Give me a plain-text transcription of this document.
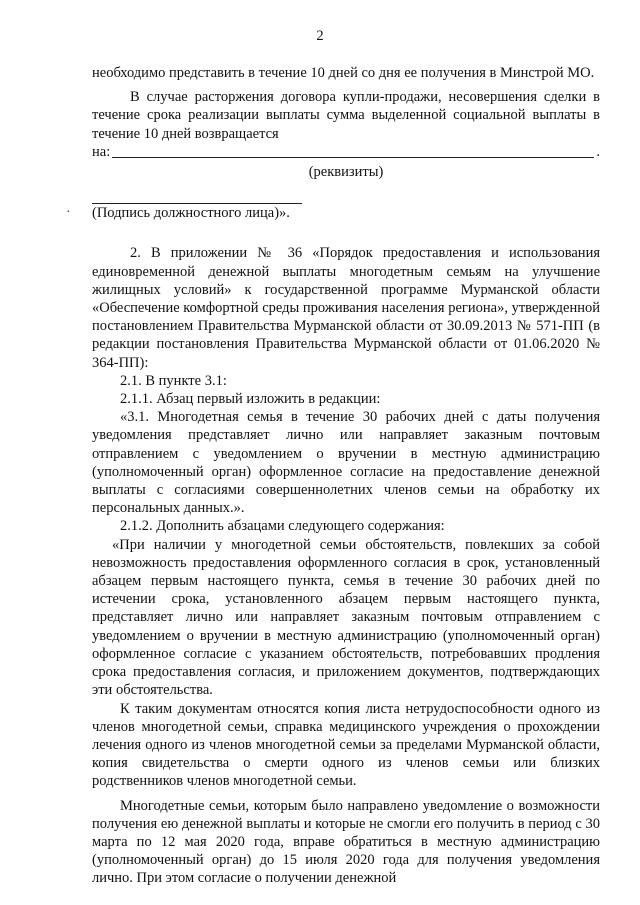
2
·

необходимо представить в течение 10 дней со дня ее получения в Минстрой МО.

В случае расторжения договора купли-продажи, несовершения сделки в течение срока реализации выплаты сумма выделенной социальной выплаты в течение 10 дней возвращается

на:	.

(реквизиты)

(Подпись должностного лица)».

2. В приложении № 36 «Порядок предоставления и использования единовременной денежной выплаты многодетным семьям на улучшение жилищных условий» к государственной программе Мурманской области «Обеспечение комфортной среды проживания населения региона», утвержденной постановлением Правительства Мурманской области от 30.09.2013 № 571-ПП (в редакции постановления Правительства Мурманской области от 01.06.2020 № 364-ПП):

2.1. В пункте 3.1:

2.1.1. Абзац первый изложить в редакции:

«3.1. Многодетная семья в течение 30 рабочих дней с даты получения уведомления представляет лично или направляет заказным почтовым отправлением с уведомлением о вручении в местную администрацию (уполномоченный орган) оформленное согласие на предоставление денежной выплаты с согласиями совершеннолетних членов семьи на обработку их персональных данных.».

2.1.2. Дополнить абзацами следующего содержания:

«При наличии у многодетной семьи обстоятельств, повлекших за собой невозможность предоставления оформленного согласия в срок, установленный абзацем первым настоящего пункта, семья в течение 30 рабочих дней по истечении срока, установленного абзацем первым настоящего пункта, представляет лично или направляет заказным почтовым отправлением с уведомлением о вручении в местную администрацию (уполномоченный орган) оформленное согласие с указанием обстоятельств, потребовавших продления срока предоставления согласия, и приложением документов, подтверждающих эти обстоятельства.

К таким документам относятся копия листа нетрудоспособности одного из членов многодетной семьи, справка медицинского учреждения о прохождении лечения одного из членов многодетной семьи за пределами Мурманской области, копия свидетельства о смерти одного из членов семьи или близких родственников членов многодетной семьи.

Многодетные семьи, которым было направлено уведомление о возможности получения ею денежной выплаты и которые не смогли его получить в период с 30 марта по 12 мая 2020 года, вправе обратиться в местную администрацию (уполномоченный орган) до 15 июля 2020 года для получения уведомления лично. При этом согласие о получении денежной
